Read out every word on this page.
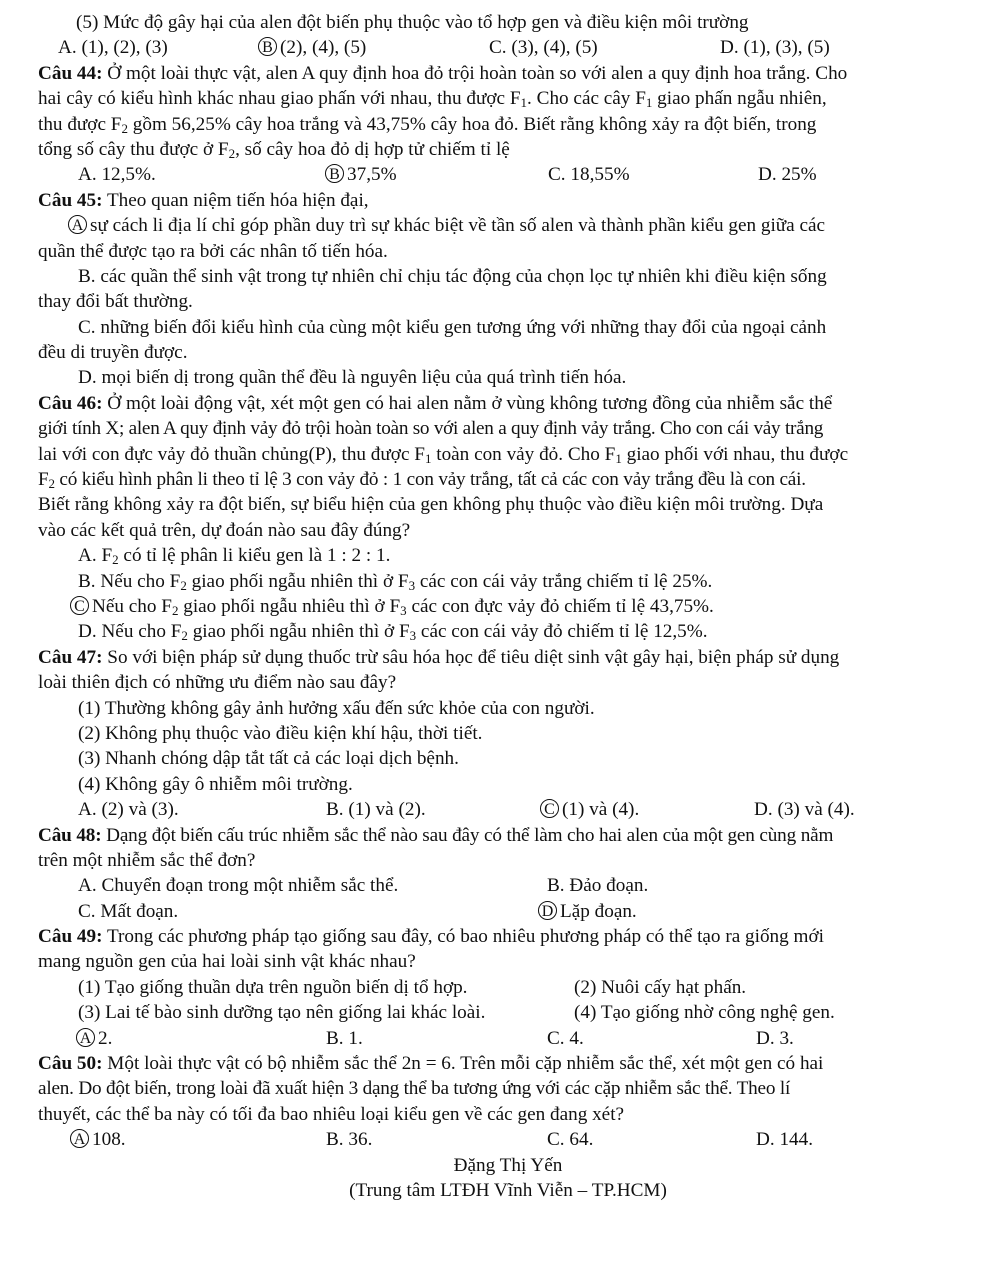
(5) Mức độ gây hại của alen đột biến phụ thuộc vào tổ hợp gen và điều kiện môi trường
A. (1), (2), (3)	B (2), (4), (5)	C. (3), (4), (5)	D. (1), (3), (5)
Câu 44: Ở một loài thực vật, alen A quy định hoa đỏ trội hoàn toàn so với alen a quy định hoa trắng. Cho
hai cây có kiểu hình khác nhau giao phấn với nhau, thu được $F_1$. Cho các cây $F_1$ giao phấn ngẫu nhiên,
thu được $F_2$ gồm 56,25% cây hoa trắng và 43,75% cây hoa đỏ. Biết rằng không xảy ra đột biến, trong
tổng số cây thu được ở $F_2$, số cây hoa đỏ dị hợp tử chiếm tỉ lệ
A. 12,5%.	B 37,5%	C. 18,55%	D. 25%
Câu 45: Theo quan niệm tiến hóa hiện đại,
A sự cách li địa lí chỉ góp phần duy trì sự khác biệt về tần số alen và thành phần kiểu gen giữa các
quần thể được tạo ra bởi các nhân tố tiến hóa.
B. các quần thể sinh vật trong tự nhiên chỉ chịu tác động của chọn lọc tự nhiên khi điều kiện sống
thay đổi bất thường.
C. những biến đổi kiểu hình của cùng một kiểu gen tương ứng với những thay đổi của ngoại cảnh
đều di truyền được.
D. mọi biến dị trong quần thể đều là nguyên liệu của quá trình tiến hóa.
Câu 46: Ở một loài động vật, xét một gen có hai alen nằm ở vùng không tương đồng của nhiễm sắc thể
giới tính X; alen A quy định vảy đỏ trội hoàn toàn so với alen a quy định vảy trắng. Cho con cái vảy trắng
lai với con đực vảy đỏ thuần chủng(P), thu được $F_1$ toàn con vảy đỏ. Cho $F_1$ giao phối với nhau, thu được
$F_2$ có kiểu hình phân li theo tỉ lệ 3 con vảy đỏ : 1 con vảy trắng, tất cả các con vảy trắng đều là con cái.
Biết rằng không xảy ra đột biến, sự biểu hiện của gen không phụ thuộc vào điều kiện môi trường. Dựa
vào các kết quả trên, dự đoán nào sau đây đúng?
A. $F_2$ có tỉ lệ phân li kiểu gen là 1 : 2 : 1.
B. Nếu cho $F_2$ giao phối ngẫu nhiên thì ở $F_3$ các con cái vảy trắng chiếm tỉ lệ 25%.
C Nếu cho $F_2$ giao phối ngẫu nhiêu thì ở $F_3$ các con đực vảy đỏ chiếm tỉ lệ 43,75%.
D. Nếu cho $F_2$ giao phối ngẫu nhiên thì ở $F_3$ các con cái vảy đỏ chiếm tỉ lệ 12,5%.
Câu 47: So với biện pháp sử dụng thuốc trừ sâu hóa học để tiêu diệt sinh vật gây hại, biện pháp sử dụng
loài thiên địch có những ưu điểm nào sau đây?
(1) Thường không gây ảnh hưởng xấu đến sức khỏe của con người.
(2) Không phụ thuộc vào điều kiện khí hậu, thời tiết.
(3) Nhanh chóng dập tắt tất cả các loại dịch bệnh.
(4) Không gây ô nhiễm môi trường.
A. (2) và (3).	B. (1) và (2).	C (1) và (4).	D. (3) và (4).
Câu 48: Dạng đột biến cấu trúc nhiễm sắc thể nào sau đây có thể làm cho hai alen của một gen cùng nằm
trên một nhiễm sắc thể đơn?
A. Chuyển đoạn trong một nhiễm sắc thể.	B. Đảo đoạn.
C. Mất đoạn.	D Lặp đoạn.
Câu 49: Trong các phương pháp tạo giống sau đây, có bao nhiêu phương pháp có thể tạo ra giống mới
mang nguồn gen của hai loài sinh vật khác nhau?
(1) Tạo giống thuần dựa trên nguồn biến dị tổ hợp.	(2) Nuôi cấy hạt phấn.
(3) Lai tế bào sinh dưỡng tạo nên giống lai khác loài.	(4) Tạo giống nhờ công nghệ gen.
A 2.	B. 1.	C. 4.	D. 3.
Câu 50: Một loài thực vật có bộ nhiễm sắc thể 2n = 6. Trên mỗi cặp nhiễm sắc thể, xét một gen có hai
alen. Do đột biến, trong loài đã xuất hiện 3 dạng thể ba tương ứng với các cặp nhiễm sắc thể. Theo lí
thuyết, các thể ba này có tối đa bao nhiêu loại kiểu gen về các gen đang xét?
A 108.	B. 36.	C. 64.	D. 144.
Đặng Thị Yến
(Trung tâm LTĐH Vĩnh Viễn – TP.HCM)
